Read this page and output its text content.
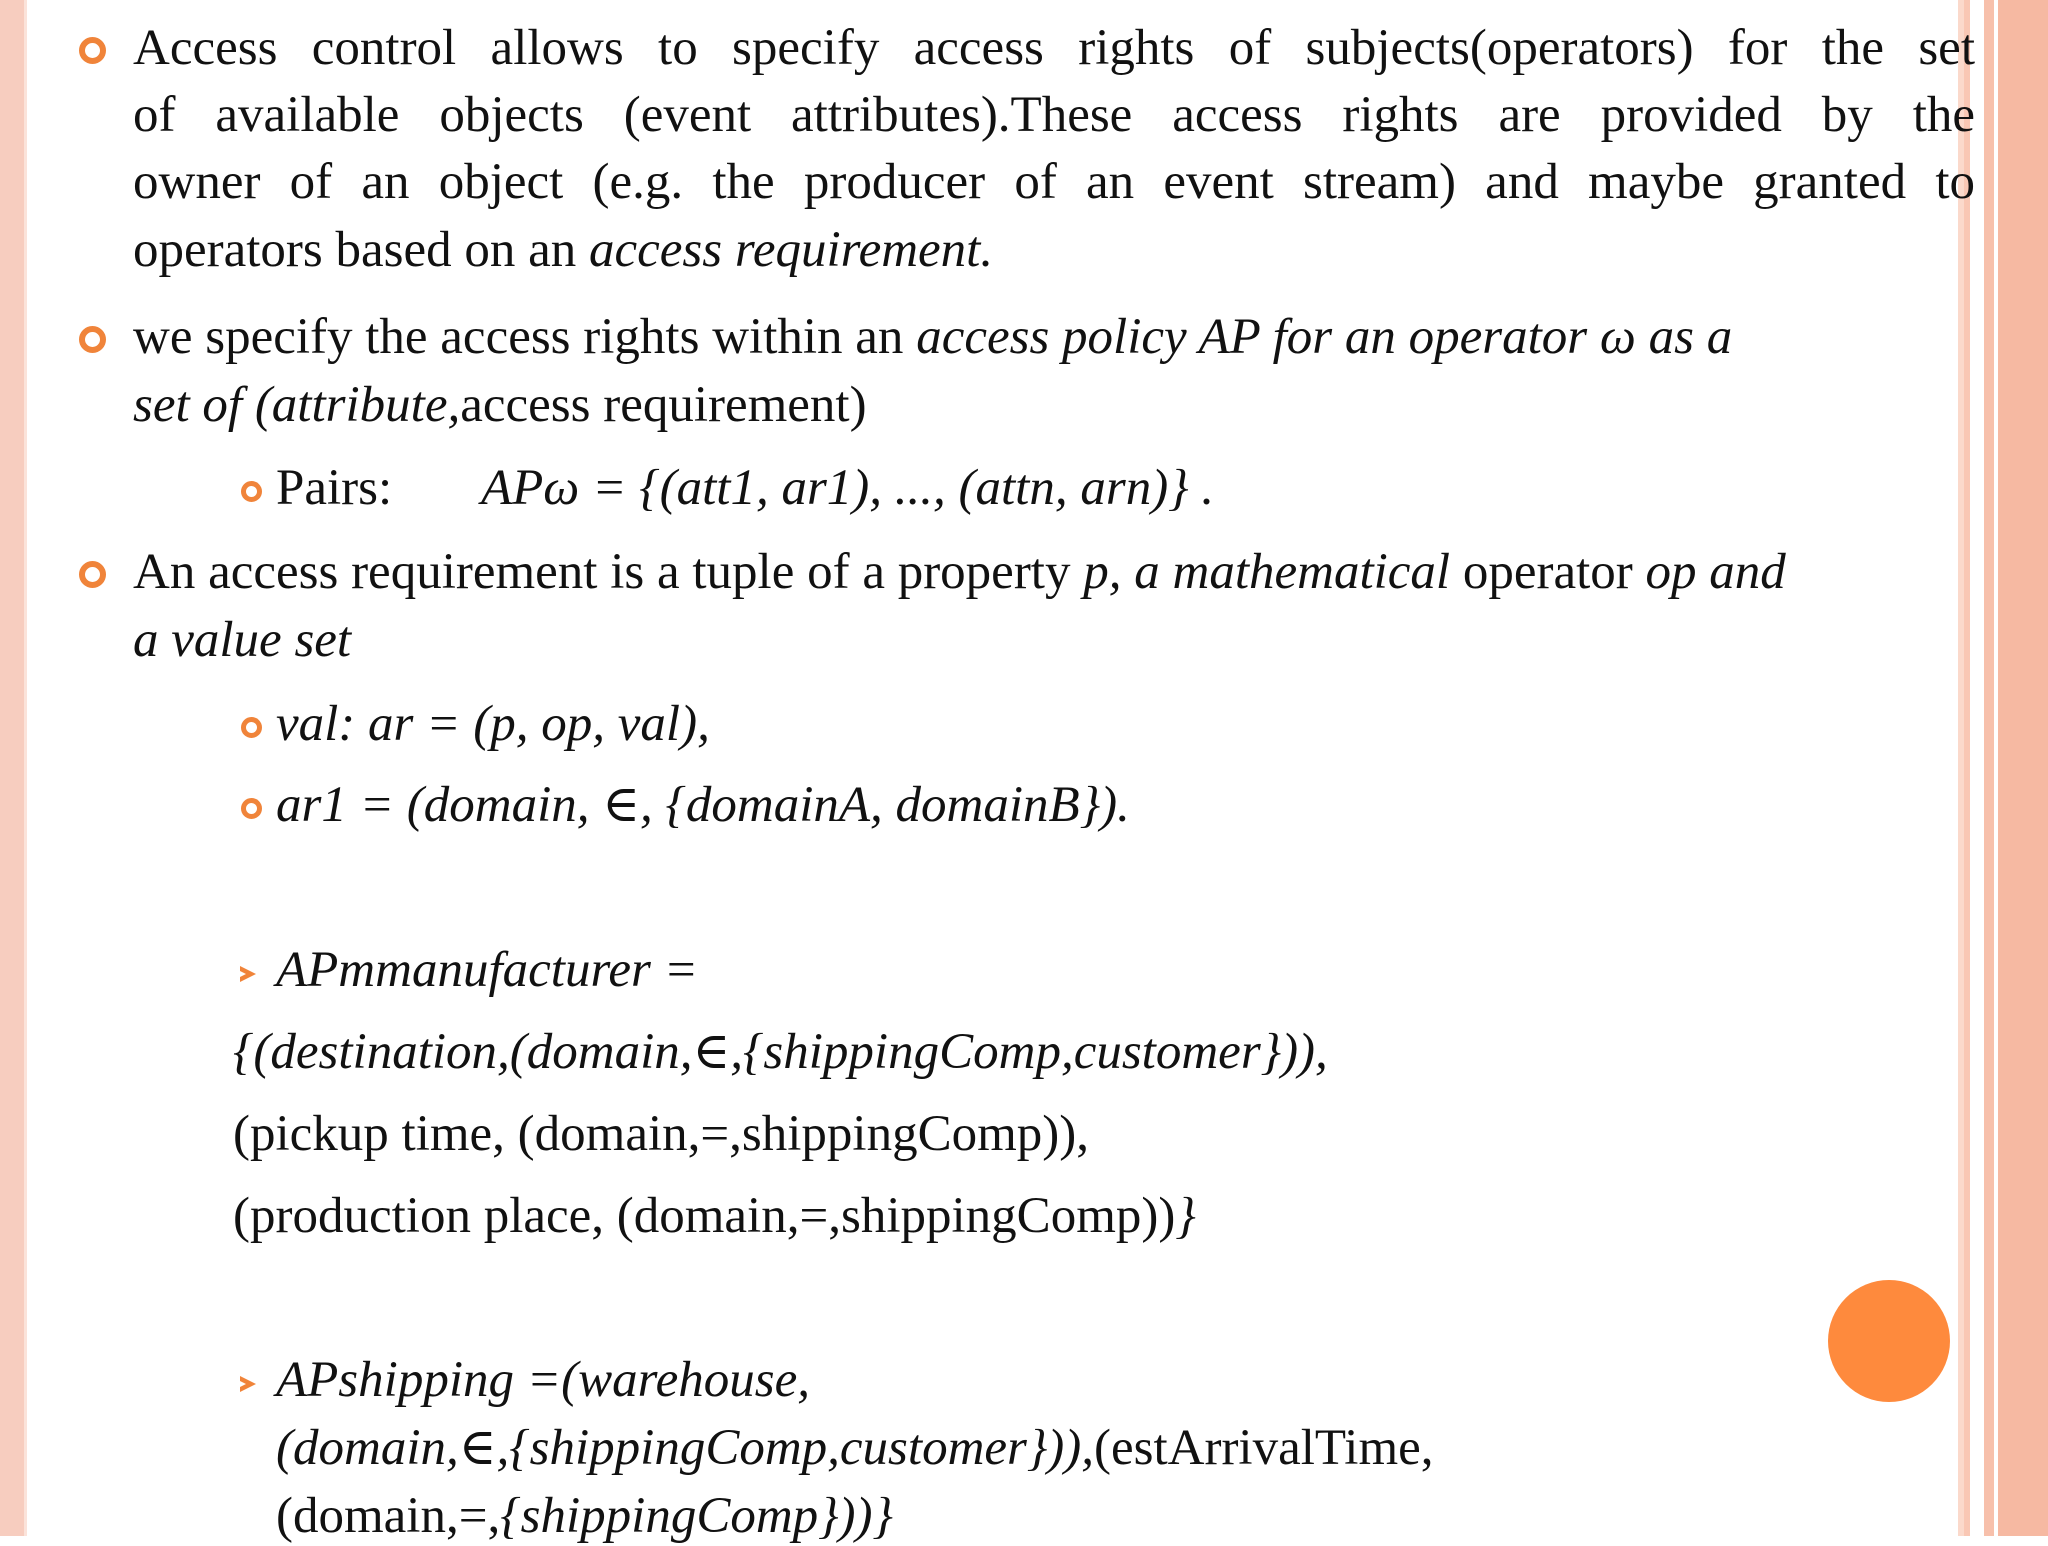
Access control allows to specify access rights of subjects(operators) for the set
of available objects (event attributes).These access rights are provided by the
owner of an object (e.g. the producer of an event stream) and maybe granted to
operators based on an access requirement.
we specify the access rights within an access policy AP for an operator ω as a
set of (attribute,access requirement)
Pairs: APω = {(att1, ar1), ..., (attn, arn)} .
An access requirement is a tuple of a property p, a mathematical operator op and
a value set
val: ar = (p, op, val),
ar1 = (domain, ∈, {domainA, domainB}).
APmmanufacturer =
{(destination,(domain,∈,{shippingComp,customer})),
(pickup time, (domain,=,shippingComp)),
(production place, (domain,=,shippingComp))}
APshipping =(warehouse,
(domain,∈,{shippingComp,customer})),(estArrivalTime,
(domain,=,{shippingComp}))}
